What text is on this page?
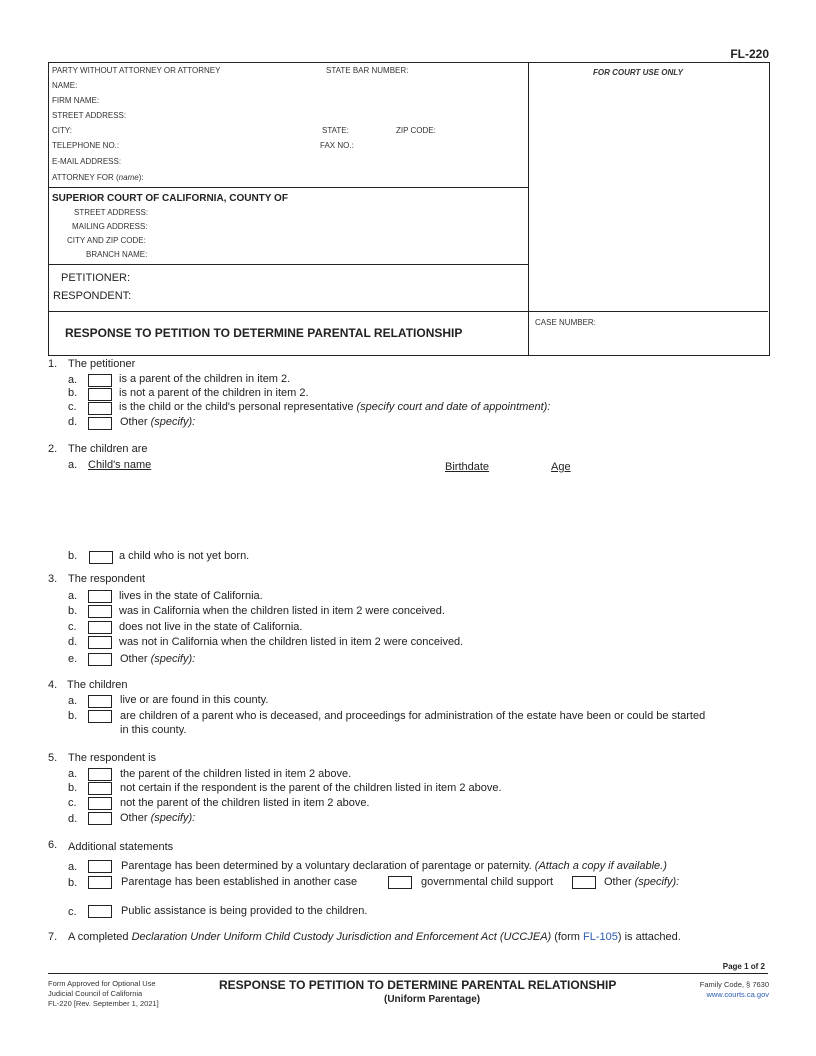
FL-220
PARTY WITHOUT ATTORNEY OR ATTORNEY	STATE BAR NUMBER:	FOR COURT USE ONLY
NAME:
FIRM NAME:
STREET ADDRESS:
CITY:	STATE:	ZIP CODE:
TELEPHONE NO.:	FAX NO.:
E-MAIL ADDRESS:
ATTORNEY FOR (name):
SUPERIOR COURT OF CALIFORNIA, COUNTY OF
STREET ADDRESS:
MAILING ADDRESS:
CITY AND ZIP CODE:
BRANCH NAME:
PETITIONER:
RESPONDENT:
RESPONSE TO PETITION TO DETERMINE PARENTAL RELATIONSHIP
CASE NUMBER:
1. The petitioner
a.	is a parent of the children in item 2.
b.	is not a parent of the children in item 2.
c.	is the child or the child's personal representative (specify court and date of appointment):
d.	Other (specify):
2. The children are
a. Child's name	Birthdate	Age
b.	a child who is not yet born.
3. The respondent
a.	lives in the state of California.
b.	was in California when the children listed in item 2 were conceived.
c.	does not live in the state of California.
d.	was not in California when the children listed in item 2 were conceived.
e.	Other (specify):
4. The children
a.	live or are found in this county.
b.	are children of a parent who is deceased, and proceedings for administration of the estate have been or could be started
in this county.
5. The respondent is
a.	the parent of the children listed in item 2 above.
b.	not certain if the respondent is the parent of the children listed in item 2 above.
c.	not the parent of the children listed in item 2 above.
d.	Other (specify):
6. Additional statements
a.	Parentage has been determined by a voluntary declaration of parentage or paternity. (Attach a copy if available.)
b.	Parentage has been established in another case	governmental child support	Other (specify):
c.	Public assistance is being provided to the children.
7. A completed Declaration Under Uniform Child Custody Jurisdiction and Enforcement Act (UCCJEA) (form FL-105) is attached.
Page 1 of 2
Form Approved for Optional Use
Judicial Council of California
FL-220 [Rev. September 1, 2021]
RESPONSE TO PETITION TO DETERMINE PARENTAL RELATIONSHIP
(Uniform Parentage)
Family Code, § 7630
www.courts.ca.gov
